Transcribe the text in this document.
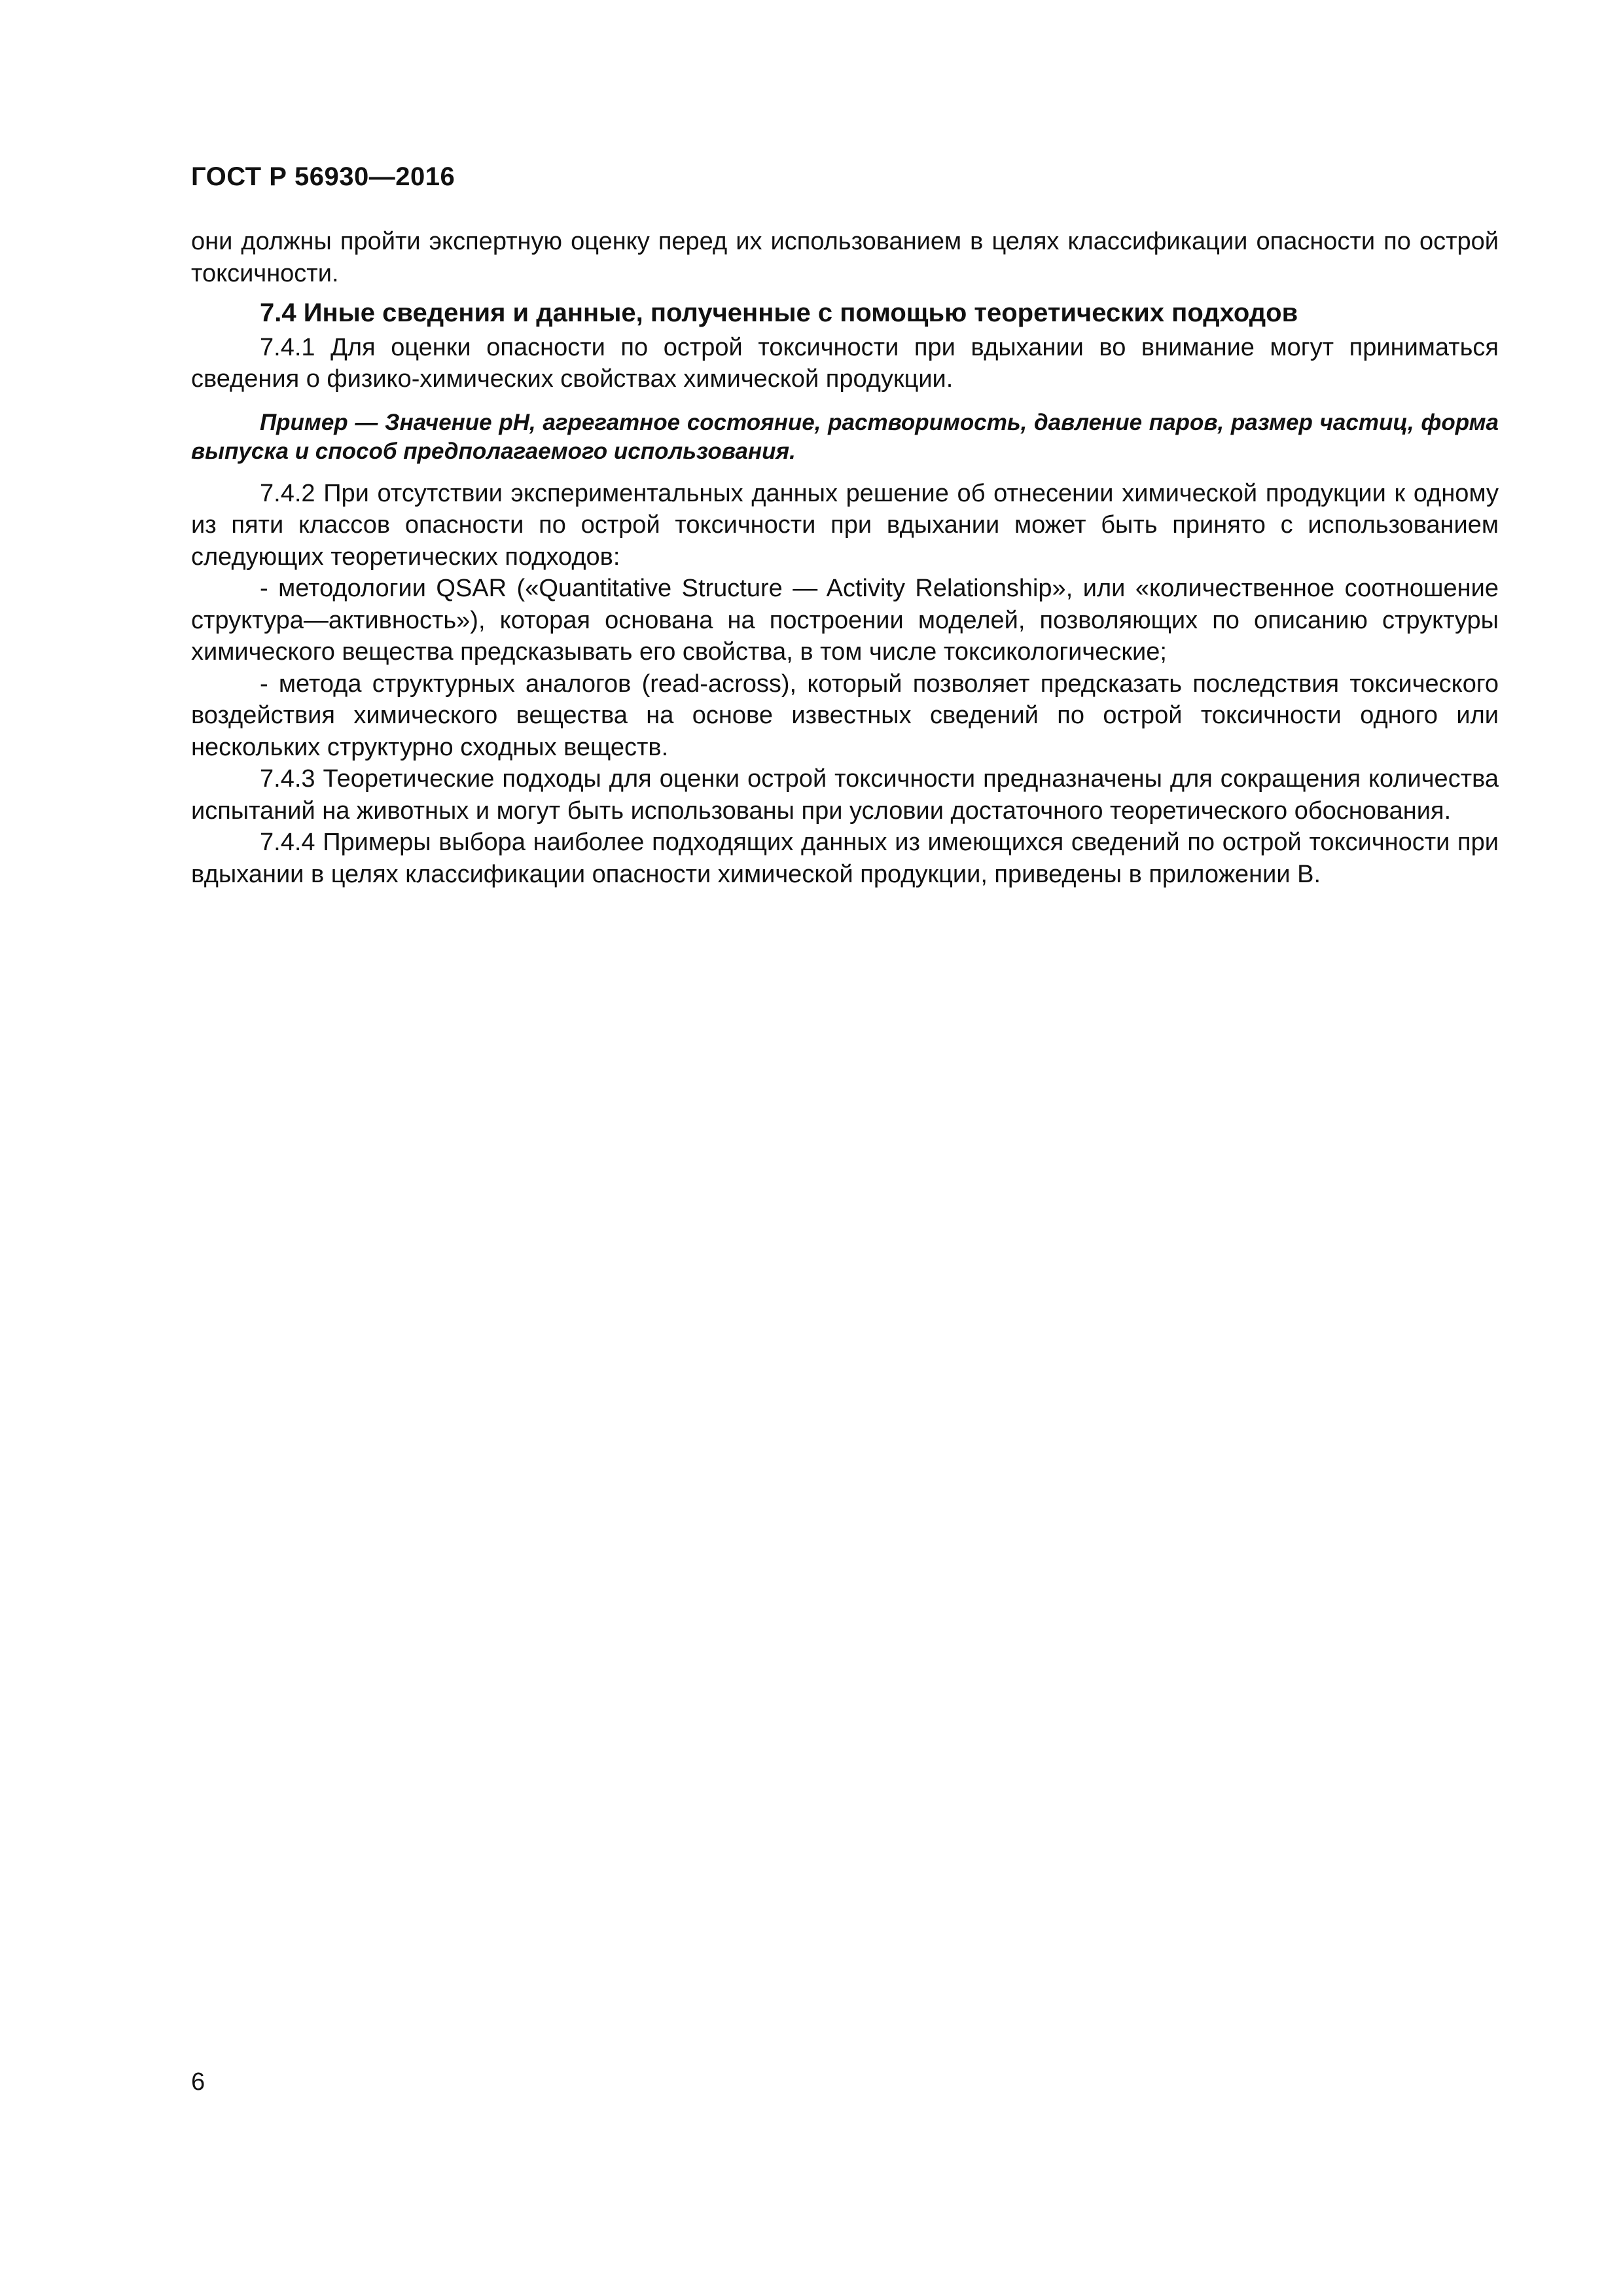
ГОСТ Р 56930—2016

они должны пройти экспертную оценку перед их использованием в целях классификации опасности по острой токсичности.

7.4 Иные сведения и данные, полученные с помощью теоретических подходов

7.4.1 Для оценки опасности по острой токсичности при вдыхании во внимание могут приниматься сведения о физико-химических свойствах химической продукции.

Пример — Значение pH, агрегатное состояние, растворимость, давление паров, размер частиц, форма выпуска и способ предполагаемого использования.

7.4.2 При отсутствии экспериментальных данных решение об отнесении химической продукции к одному из пяти классов опасности по острой токсичности при вдыхании может быть принято с использованием следующих теоретических подходов:

- методологии QSAR («Quantitative Structure — Activity Relationship», или «количественное соотношение структура—активность»), которая основана на построении моделей, позволяющих по описанию структуры химического вещества предсказывать его свойства, в том числе токсикологические;

- метода структурных аналогов (read-across), который позволяет предсказать последствия токсического воздействия химического вещества на основе известных сведений по острой токсичности одного или нескольких структурно сходных веществ.

7.4.3 Теоретические подходы для оценки острой токсичности предназначены для сокращения количества испытаний на животных и могут быть использованы при условии достаточного теоретического обоснования.

7.4.4 Примеры выбора наиболее подходящих данных из имеющихся сведений по острой токсичности при вдыхании в целях классификации опасности химической продукции, приведены в приложении В.

6
